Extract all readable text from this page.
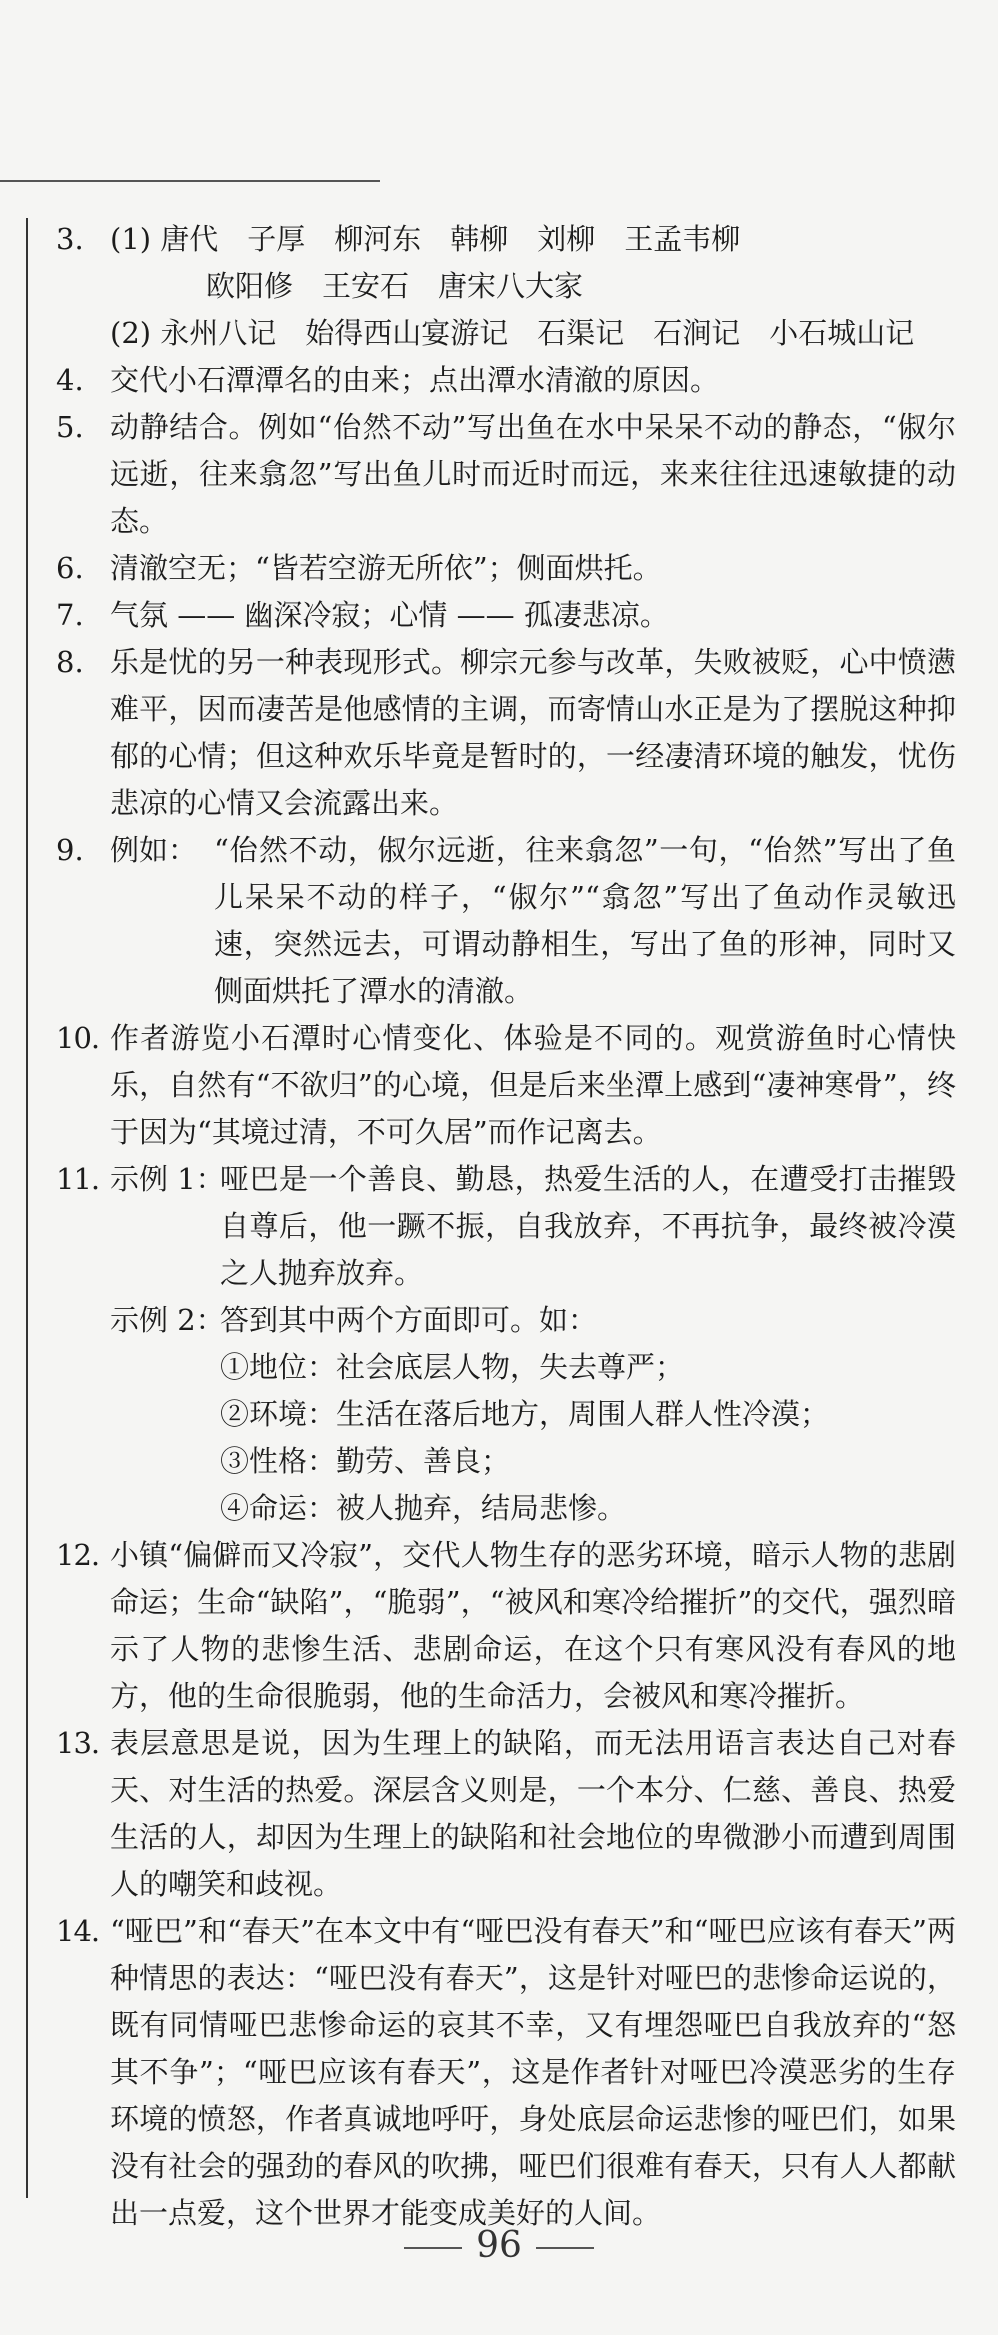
3. (1) 唐代　子厚　柳河东　韩柳　刘柳　王孟韦柳
欧阳修　王安石　唐宋八大家
(2) 永州八记　始得西山宴游记　石渠记　石涧记　小石城山记
4. 交代小石潭潭名的由来；点出潭水清澈的原因。
5. 动静结合。例如“佁然不动”写出鱼在水中呆呆不动的静态，“俶尔远逝，往来翕忽”写出鱼儿时而近时而远，来来往往迅速敏捷的动态。
6. 清澈空无；“皆若空游无所依”；侧面烘托。
7. 气氛 —— 幽深冷寂；心情 —— 孤凄悲凉。
8. 乐是忧的另一种表现形式。柳宗元参与改革，失败被贬，心中愤懑难平，因而凄苦是他感情的主调，而寄情山水正是为了摆脱这种抑郁的心情；但这种欢乐毕竟是暂时的，一经凄清环境的触发，忧伤悲凉的心情又会流露出来。
9. 例如： “佁然不动，俶尔远逝，往来翕忽”一句，“佁然”写出了鱼儿呆呆不动的样子，“俶尔”“翕忽”写出了鱼动作灵敏迅速，突然远去，可谓动静相生，写出了鱼的形神，同时又侧面烘托了潭水的清澈。
10. 作者游览小石潭时心情变化、体验是不同的。观赏游鱼时心情快乐，自然有“不欲归”的心境，但是后来坐潭上感到“凄神寒骨”，终于因为“其境过清，不可久居”而作记离去。
11. 示例 1：
哑巴是一个善良、勤恳，热爱生活的人，在遭受打击摧毁自尊后，他一蹶不振，自我放弃，不再抗争，最终被冷漠之人抛弃放弃。
示例 2：
答到其中两个方面即可。如：
①地位：社会底层人物，失去尊严；
②环境：生活在落后地方，周围人群人性冷漠；
③性格：勤劳、善良；
④命运：被人抛弃，结局悲惨。
12. 小镇“偏僻而又冷寂”，交代人物生存的恶劣环境，暗示人物的悲剧命运；生命“缺陷”，“脆弱”，“被风和寒冷给摧折”的交代，强烈暗示了人物的悲惨生活、悲剧命运，在这个只有寒风没有春风的地方，他的生命很脆弱，他的生命活力，会被风和寒冷摧折。
13. 表层意思是说，因为生理上的缺陷，而无法用语言表达自己对春天、对生活的热爱。深层含义则是，一个本分、仁慈、善良、热爱生活的人，却因为生理上的缺陷和社会地位的卑微渺小而遭到周围人的嘲笑和歧视。
14. “哑巴”和“春天”在本文中有“哑巴没有春天”和“哑巴应该有春天”两种情思的表达：“哑巴没有春天”，这是针对哑巴的悲惨命运说的，既有同情哑巴悲惨命运的哀其不幸，又有埋怨哑巴自我放弃的“怒其不争”；“哑巴应该有春天”，这是作者针对哑巴冷漠恶劣的生存环境的愤怒，作者真诚地呼吁，身处底层命运悲惨的哑巴们，如果没有社会的强劲的春风的吹拂，哑巴们很难有春天，只有人人都献出一点爱，这个世界才能变成美好的人间。
96
